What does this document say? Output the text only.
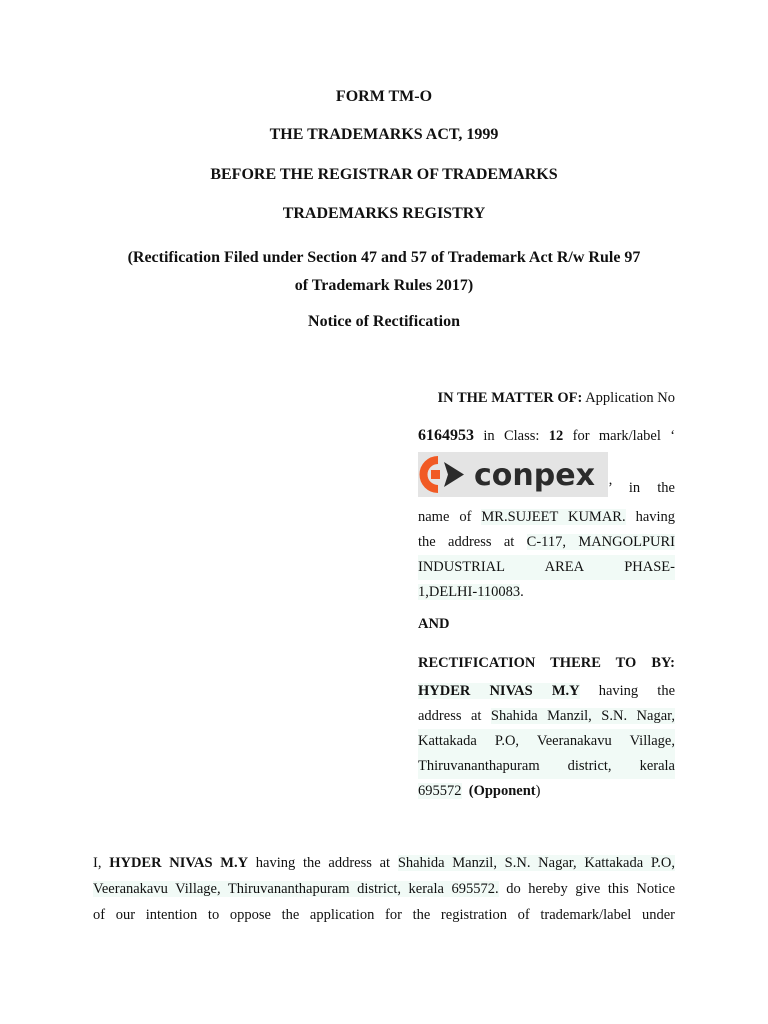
FORM TM-O
THE TRADEMARKS ACT, 1999
BEFORE THE REGISTRAR OF TRADEMARKS
TRADEMARKS REGISTRY
(Rectification Filed under Section 47 and 57 of Trademark Act R/w Rule 97
of Trademark Rules 2017)
Notice of Rectification
IN THE MATTER OF: Application No
6164953 in Class: 12 for mark/label ‘
conpex ’ in the
name of MR.SUJEET KUMAR. having
the address at C-117, MANGOLPURI
INDUSTRIAL AREA PHASE-
1,DELHI-110083.
AND
RECTIFICATION THERE TO BY:
HYDER NIVAS M.Y having the
address at Shahida Manzil, S.N. Nagar,
Kattakada P.O, Veeranakavu Village,
Thiruvananthapuram district, kerala
695572 (Opponent)
I, HYDER NIVAS M.Y having the address at Shahida Manzil, S.N. Nagar, Kattakada P.O,
Veeranakavu Village, Thiruvananthapuram district, kerala 695572. do hereby give this Notice
of our intention to oppose the application for the registration of trademark/label under
